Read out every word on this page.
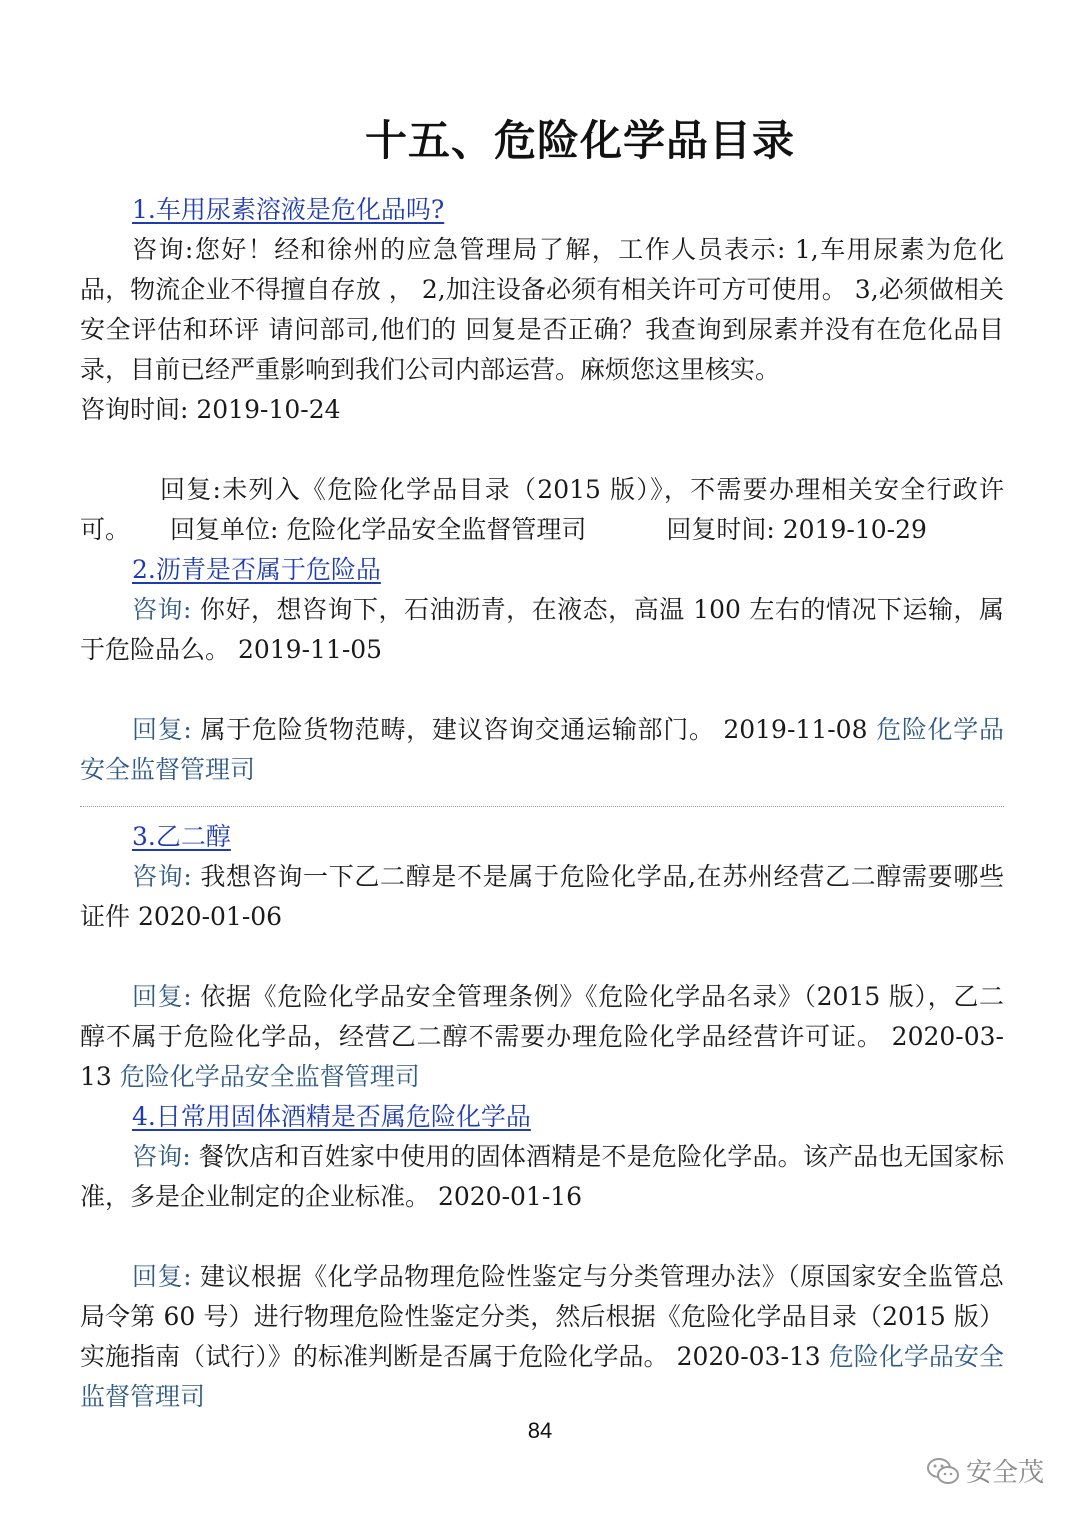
十五、危险化学品目录
1.车用尿素溶液是危化品吗?

咨询:您好！经和徐州的应急管理局了解，工作人员表示: 1,车用尿素为危化品，物流企业不得擅自存放 ， 2,加注设备必须有相关许可方可使用。 3,必须做相关安全评估和环评 请问部司,他们的 回复是否正确？我查询到尿素并没有在危化品目录，目前已经严重影响到我们公司内部运营。麻烦您这里核实。

咨询时间: 2019-10-24

回复:未列入《危险化学品目录（2015 版）》，不需要办理相关安全行政许可。 回复单位: 危险化学品安全监督管理司	回复时间: 2019-10-29

2.沥青是否属于危险品

咨询: 你好，想咨询下，石油沥青，在液态，高温 100 左右的情况下运输，属于危险品么。 2019-11-05

回复: 属于危险货物范畴，建议咨询交通运输部门。 2019-11-08 危险化学品安全监督管理司

3.乙二醇

咨询: 我想咨询一下乙二醇是不是属于危险化学品,在苏州经营乙二醇需要哪些证件 2020-01-06

回复: 依据《危险化学品安全管理条例》《危险化学品名录》（2015 版），乙二醇不属于危险化学品，经营乙二醇不需要办理危险化学品经营许可证。 2020-03-13 危险化学品安全监督管理司

4.日常用固体酒精是否属危险化学品

咨询: 餐饮店和百姓家中使用的固体酒精是不是危险化学品。该产品也无国家标准，多是企业制定的企业标准。 2020-01-16

回复: 建议根据《化学品物理危险性鉴定与分类管理办法》（原国家安全监管总局令第 60 号）进行物理危险性鉴定分类，然后根据《危险化学品目录（2015 版）实施指南（试行）》的标准判断是否属于危险化学品。 2020-03-13 危险化学品安全监督管理司

84
安全茂
